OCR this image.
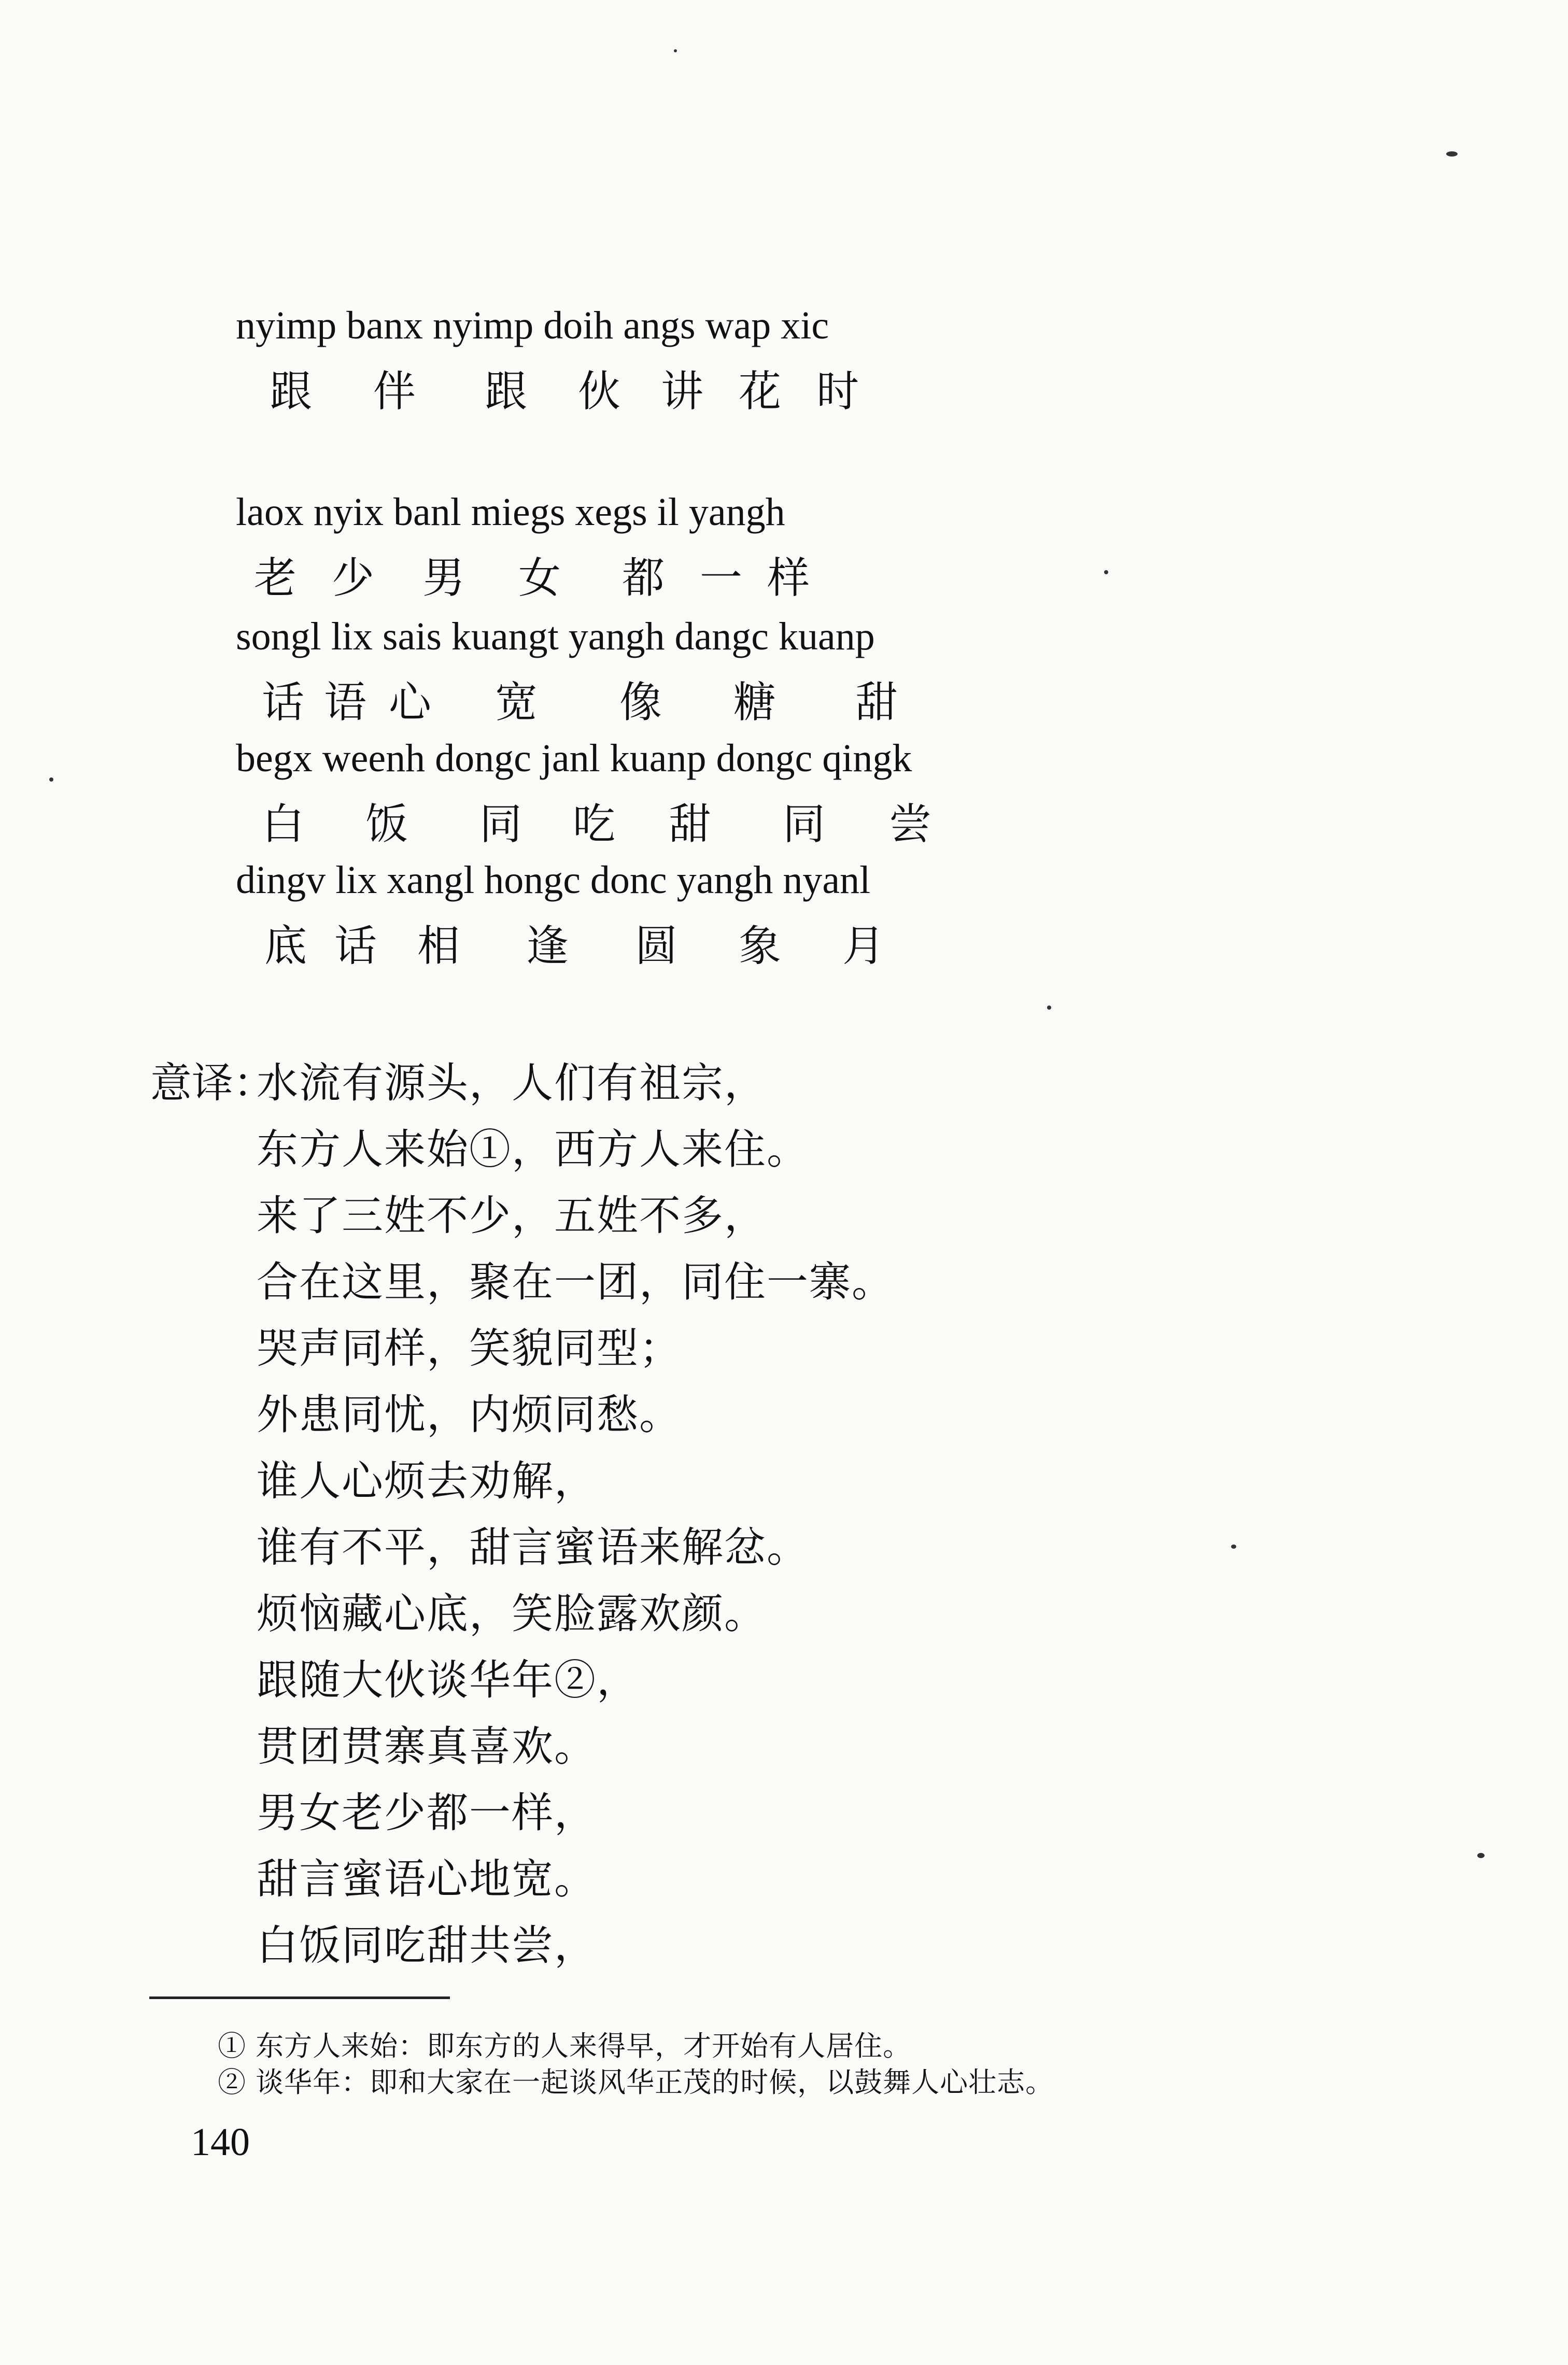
nyimp banx nyimp doih angs wap xic
跟 伴 跟 伙 讲 花 时
laox nyix banl miegs xegs il yangh
老 少 男 女 都 一 样
songl lix sais kuangt yangh dangc kuanp
话 语 心 宽 像 糖 甜
begx weenh dongc janl kuanp dongc qingk
白 饭 同 吃 甜 同 尝
dingv lix xangl hongc donc yangh nyanl
底 话 相 逢 圆 象 月
意译：
水流有源头，人们有祖宗，
东方人来始①，西方人来住。
来了三姓不少，五姓不多，
合在这里，聚在一团，同住一寨。
哭声同样，笑貌同型；
外患同忧，内烦同愁。
谁人心烦去劝解，
谁有不平，甜言蜜语来解忿。
烦恼藏心底，笑脸露欢颜。
跟随大伙谈华年②，
贯团贯寨真喜欢。
男女老少都一样，
甜言蜜语心地宽。
白饭同吃甜共尝，
① 东方人来始：即东方的人来得早，才开始有人居住。
② 谈华年：即和大家在一起谈风华正茂的时候，以鼓舞人心壮志。
140
